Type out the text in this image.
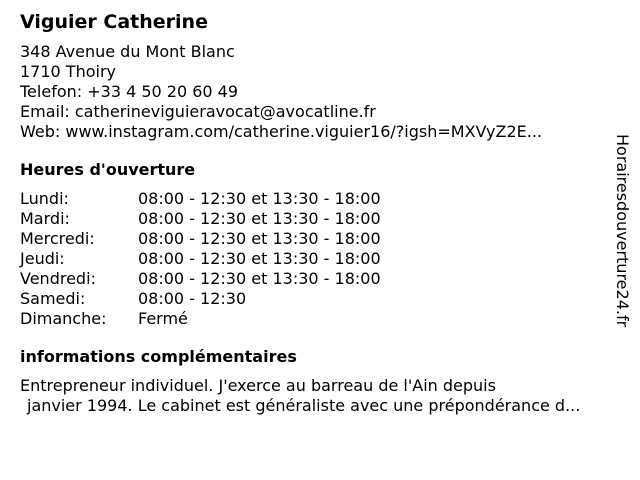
Viguier Catherine
348 Avenue du Mont Blanc
1710 Thoiry
Telefon: +33 4 50 20 60 49
Email: catherineviguieravocat@avocatline.fr
Web: www.instagram.com/catherine.viguier16/?igsh=MXVyZ2E...
Heures d'ouverture
Lundi:	08:00 - 12:30 et 13:30 - 18:00
Mardi:	08:00 - 12:30 et 13:30 - 18:00
Mercredi:	08:00 - 12:30 et 13:30 - 18:00
Jeudi:	08:00 - 12:30 et 13:30 - 18:00
Vendredi:	08:00 - 12:30 et 13:30 - 18:00
Samedi:	08:00 - 12:30
Dimanche:	Fermé
informations complémentaires
Entrepreneur individuel. J'exerce au barreau de l'Ain depuis
janvier 1994. Le cabinet est généraliste avec une prépondérance d...
Horairesdouverture24.fr
